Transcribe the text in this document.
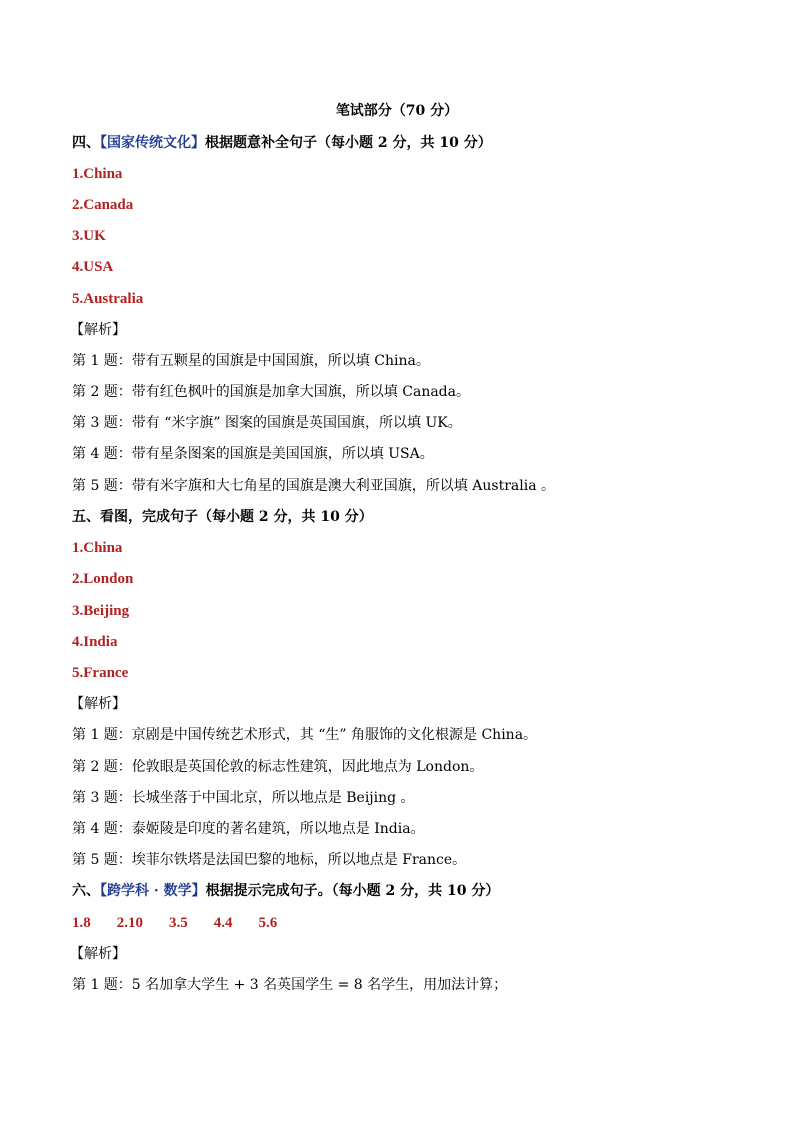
笔试部分（70 分）
四、【国家传统文化】根据题意补全句子（每小题 2 分，共 10 分）
1.China
2.Canada
3.UK
4.USA
5.Australia
【解析】
第 1 题：带有五颗星的国旗是中国国旗，所以填 China。
第 2 题：带有红色枫叶的国旗是加拿大国旗，所以填 Canada。
第 3 题：带有 “米字旗” 图案的国旗是英国国旗，所以填 UK。
第 4 题：带有星条图案的国旗是美国国旗，所以填 USA。
第 5 题：带有米字旗和大七角星的国旗是澳大利亚国旗，所以填 Australia 。
五、看图，完成句子（每小题 2 分，共 10 分）
1.China
2.London
3.Beijing
4.India
5.France
【解析】
第 1 题：京剧是中国传统艺术形式，其 “生” 角服饰的文化根源是 China。
第 2 题：伦敦眼是英国伦敦的标志性建筑，因此地点为 London。
第 3 题：长城坐落于中国北京，所以地点是 Beijing 。
第 4 题：泰姬陵是印度的著名建筑，所以地点是 India。
第 5 题：埃菲尔铁塔是法国巴黎的地标，所以地点是 France。
六、【跨学科 · 数学】根据提示完成句子。（每小题 2 分，共 10 分）
1.8 2.10 3.5 4.4 5.6
【解析】
第 1 题：5 名加拿大学生 + 3 名英国学生 = 8 名学生，用加法计算；
